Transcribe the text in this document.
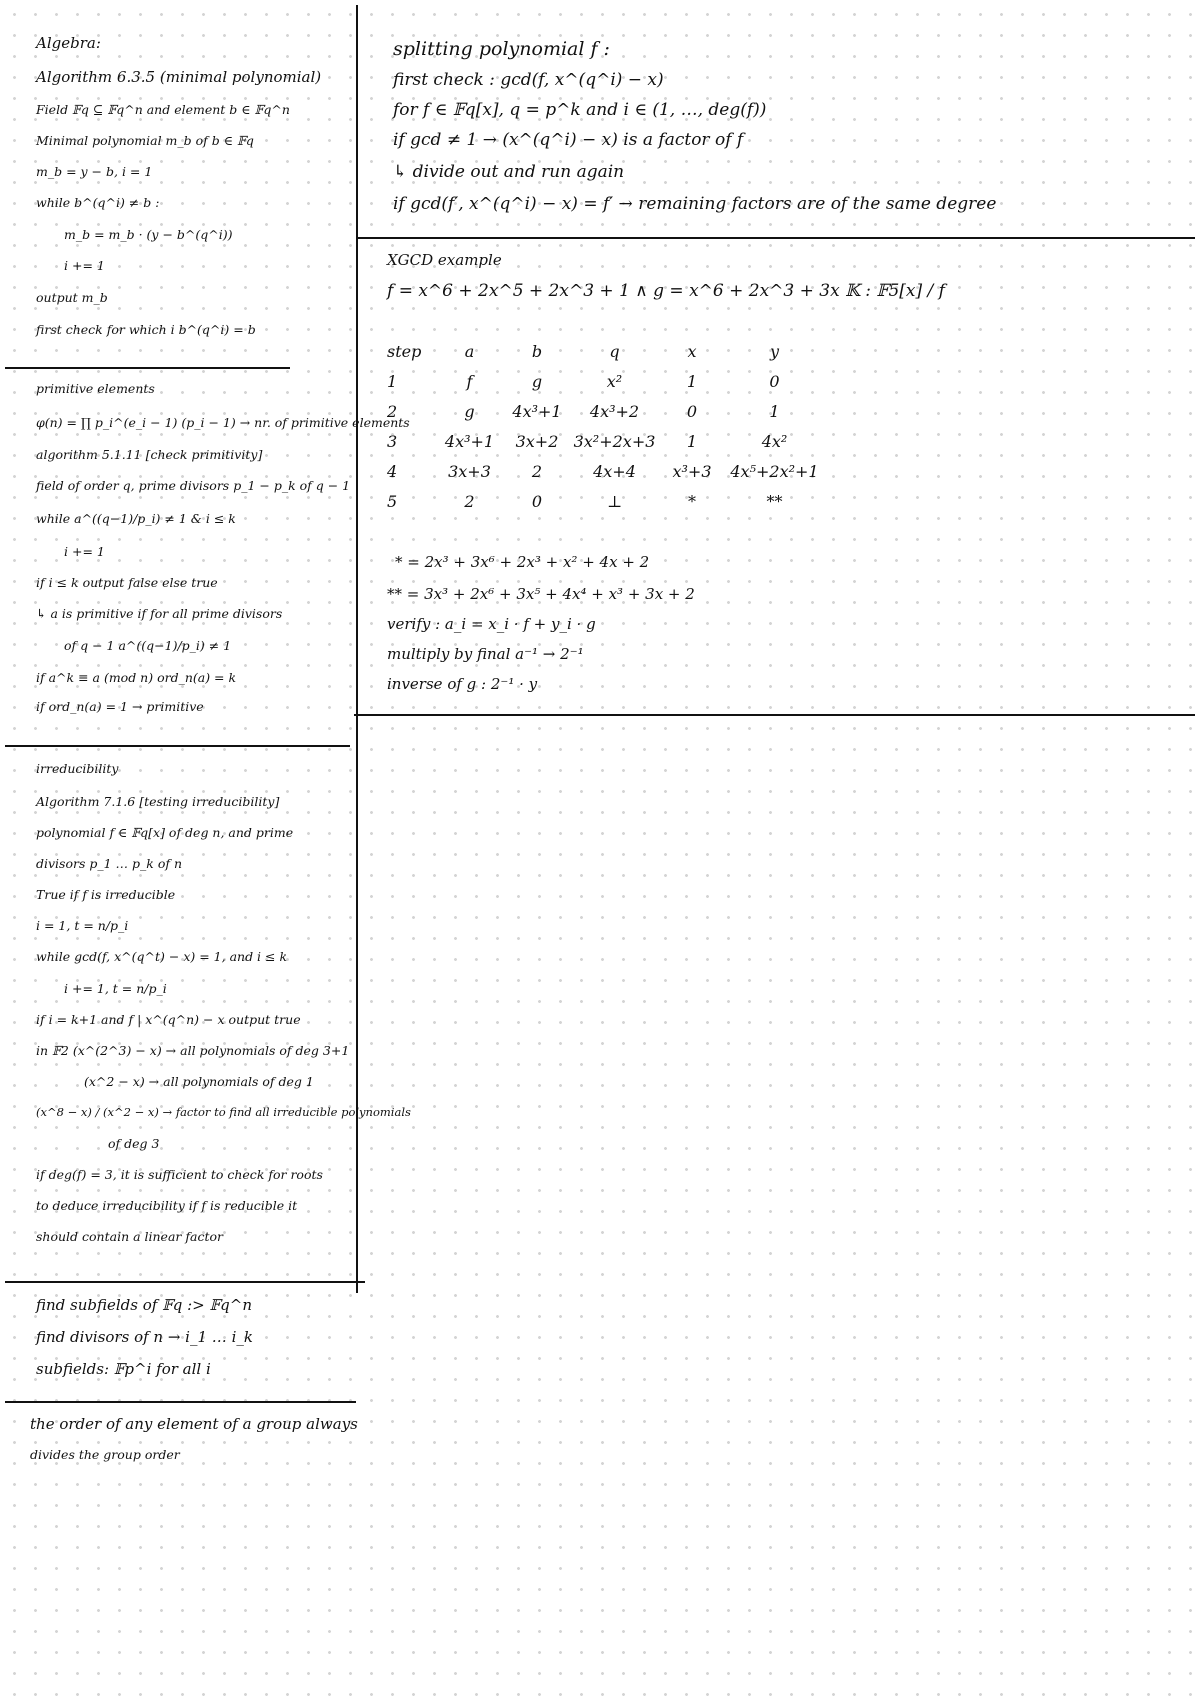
Algebra:
Algorithm 6.3.5 (minimal polynomial)
Field 𝔽q ⊆ 𝔽q^n and element b ∈ 𝔽q^n
Minimal polynomial m_b of b ∈ 𝔽q
m_b = y − b, i = 1
while b^(q^i) ≠ b :
m_b = m_b · (y − b^(q^i))
i += 1
output m_b
first check for which i b^(q^i) = b
primitive elements
φ(n) = ∏ p_i^(e_i − 1) (p_i − 1) → nr. of primitive elements
algorithm 5.1.11 [check primitivity]
field of order q, prime divisors p_1 − p_k of q − 1
while a^((q−1)/p_i) ≠ 1 & i ≤ k
i += 1
if i ≤ k output false else true
↳ a is primitive if for all prime divisors
of q − 1 a^((q−1)/p_i) ≠ 1
if a^k ≡ a (mod n) ord_n(a) = k
if ord_n(a) = 1 → primitive
irreducibility
Algorithm 7.1.6 [testing irreducibility]
polynomial f ∈ 𝔽q[x] of deg n, and prime
divisors p_1 … p_k of n
True if f is irreducible
i = 1, t = n/p_i
while gcd(f, x^(q^t) − x) = 1, and i ≤ k
i += 1, t = n/p_i
if i = k+1 and f | x^(q^n) − x output true
in 𝔽2 (x^(2^3) − x) → all polynomials of deg 3+1
(x^2 − x) → all polynomials of deg 1
(x^8 − x) / (x^2 − x) → factor to find all irreducible polynomials
of deg 3
if deg(f) = 3, it is sufficient to check for roots
to deduce irreducibility if f is reducible it
should contain a linear factor
find subfields of 𝔽q :> 𝔽q^n
find divisors of n → i_1 … i_k
subfields: 𝔽p^i for all i
the order of any element of a group always
divides the group order
splitting polynomial f :
first check : gcd(f, x^(q^i) − x)
for f ∈ 𝔽q[x], q = p^k and i ∈ (1, …, deg(f))
if gcd ≠ 1 → (x^(q^i) − x) is a factor of f
↳ divide out and run again
if gcd(f′, x^(q^i) − x) = f′ → remaining factors are of the same degree
XGCD example
f = x^6 + 2x^5 + 2x^3 + 1 ∧ g = x^6 + 2x^3 + 3x 𝕂 : 𝔽5[x] / f
step	a	b	q	x	y
1	f	g	x²	1	0
2	g	4x³+1	4x³+2	0	1
3	4x³+1	3x+2	3x²+2x+3	1	4x²
4	3x+3	2	4x+4	x³+3	4x⁵+2x²+1
5	2	0	⊥	*	**
* = 2x³ + 3x⁶ + 2x³ + x² + 4x + 2
** = 3x³ + 2x⁶ + 3x⁵ + 4x⁴ + x³ + 3x + 2
verify : a_i = x_i · f + y_i · g
multiply by final a⁻¹ → 2⁻¹
inverse of g : 2⁻¹ · y
